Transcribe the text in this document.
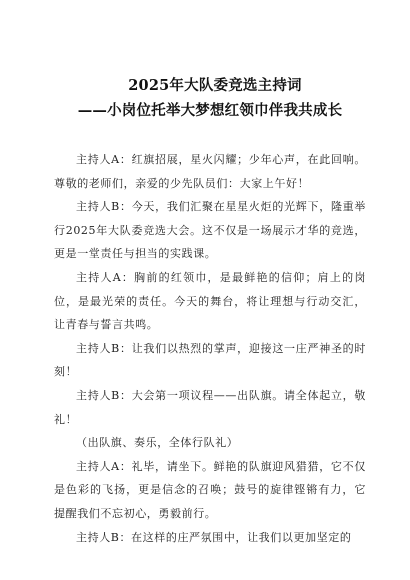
2025年大队委竞选主持词
——小岗位托举大梦想红领巾伴我共成长

主持人A：红旗招展，星火闪耀；少年心声，在此回响。尊敬的老师们，亲爱的少先队员们：大家上午好！

主持人B：今天，我们汇聚在星星火炬的光辉下，隆重举行2025年大队委竞选大会。这不仅是一场展示才华的竞选，更是一堂责任与担当的实践课。

主持人A：胸前的红领巾，是最鲜艳的信仰；肩上的岗位，是最光荣的责任。今天的舞台，将让理想与行动交汇，让青春与誓言共鸣。

主持人B：让我们以热烈的掌声，迎接这一庄严神圣的时刻！

主持人B：大会第一项议程——出队旗。请全体起立，敬礼！

（出队旗、奏乐，全体行队礼）

主持人A：礼毕，请坐下。鲜艳的队旗迎风猎猎，它不仅是色彩的飞扬，更是信念的召唤；鼓号的旋律铿锵有力，它提醒我们不忘初心，勇毅前行。

主持人B：在这样的庄严氛围中，让我们以更加坚定的
